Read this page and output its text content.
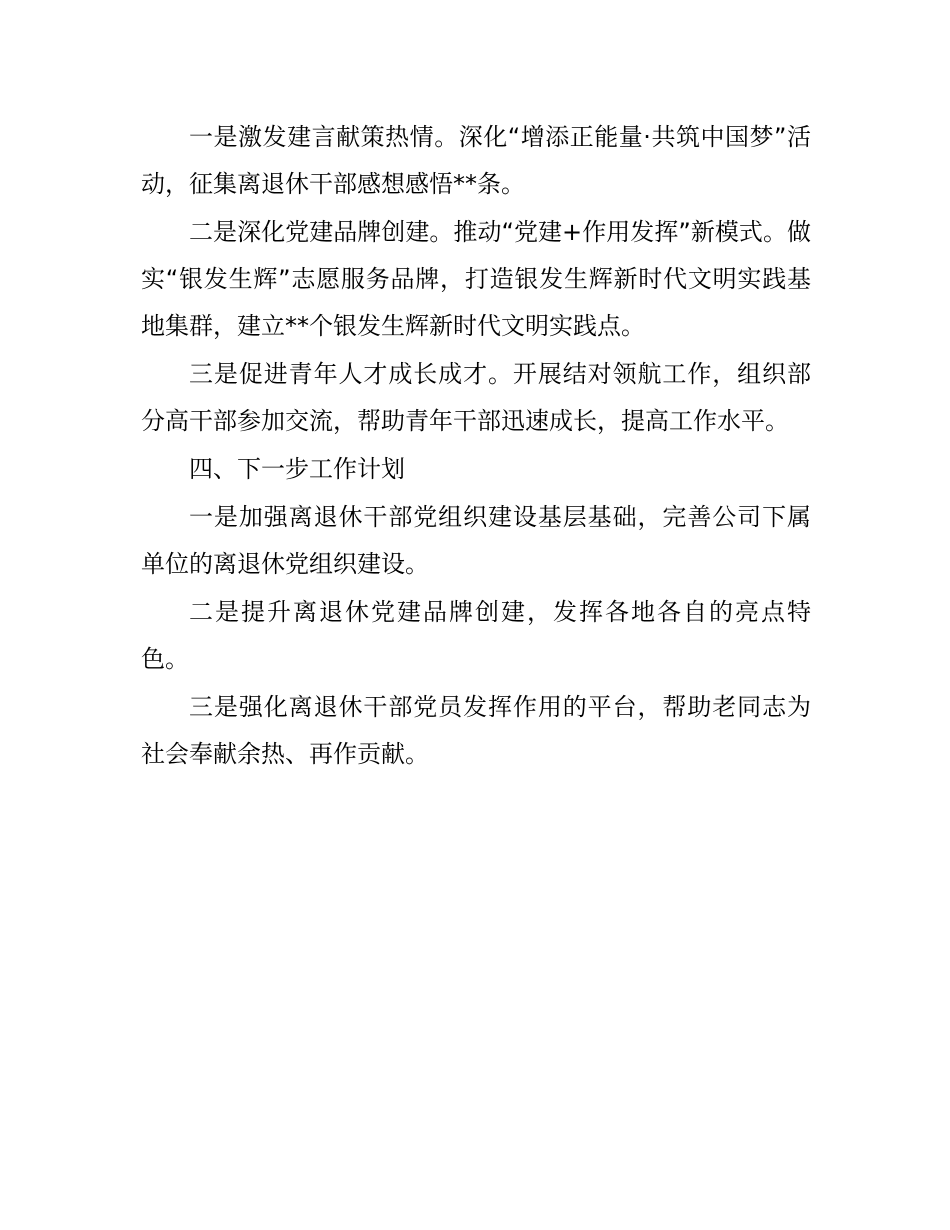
一是激发建言献策热情。深化“增添正能量·共筑中国梦”活动，征集离退休干部感想感悟**条。

二是深化党建品牌创建。推动“党建+作用发挥”新模式。做实“银发生辉”志愿服务品牌，打造银发生辉新时代文明实践基地集群，建立**个银发生辉新时代文明实践点。

三是促进青年人才成长成才。开展结对领航工作，组织部分高干部参加交流，帮助青年干部迅速成长，提高工作水平。

四、下一步工作计划

一是加强离退休干部党组织建设基层基础，完善公司下属单位的离退休党组织建设。

二是提升离退休党建品牌创建，发挥各地各自的亮点特色。

三是强化离退休干部党员发挥作用的平台，帮助老同志为社会奉献余热、再作贡献。
